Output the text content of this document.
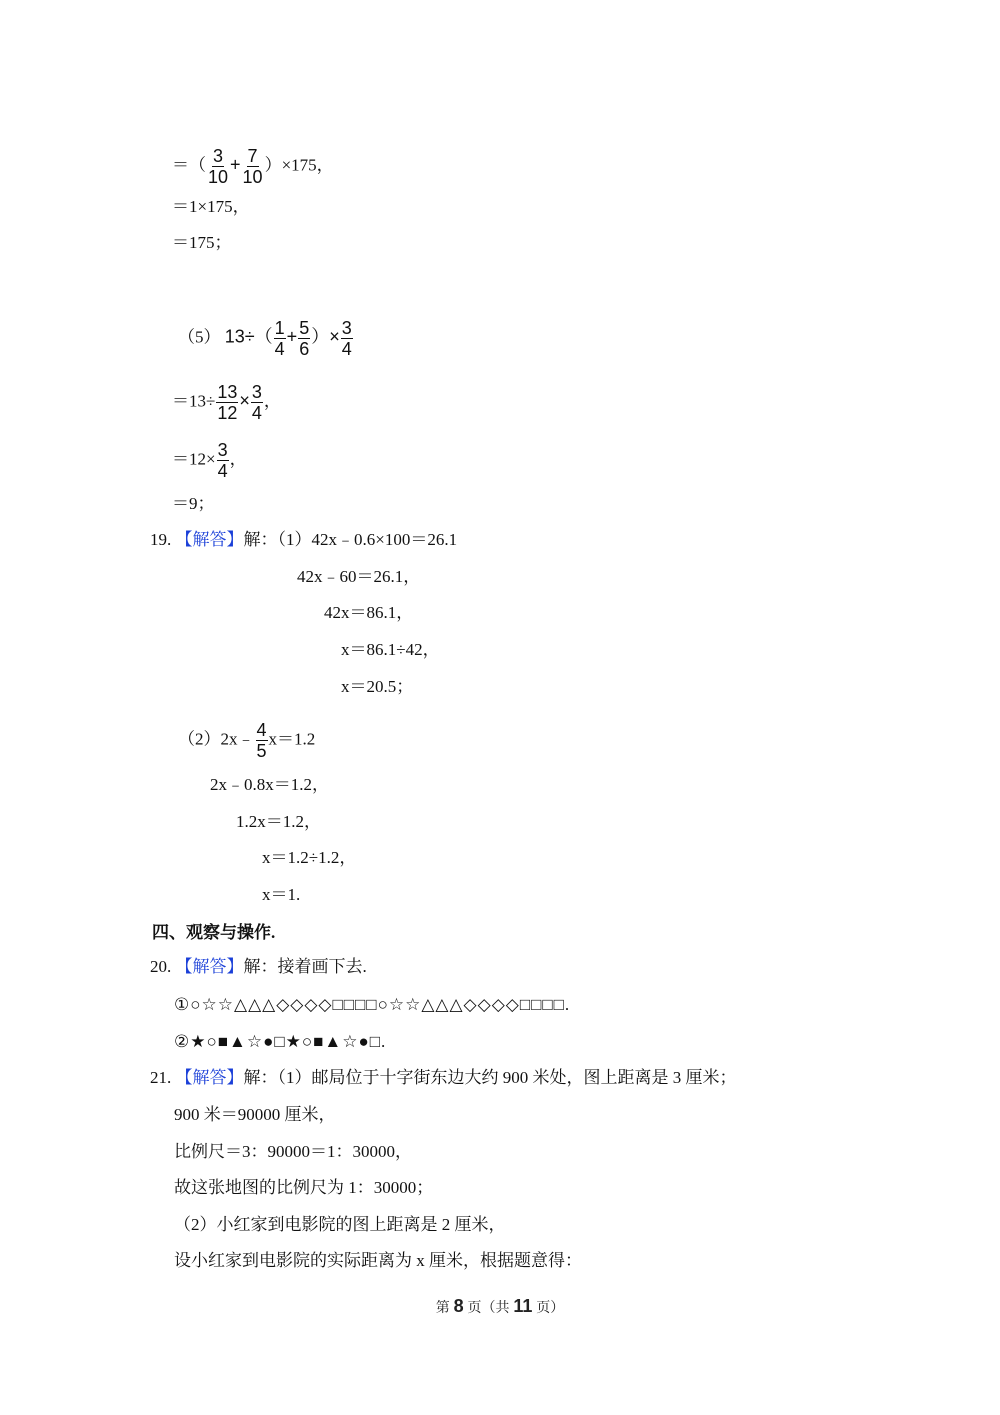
＝（ $\frac{3}{10} + \frac{7}{10} )\times 175$，
＝1×175，
＝175；
（5） $13\div( \frac{1}{4} + \frac{5}{6}$ ）× $\frac{3}{4}$
$=13\div \frac{13}{12} \times \frac{3}{4}$ ，
$=12\times \frac{3}{4}$ ，
＝9；
19. 【解答】解：（1）42x﹣0.6×100＝26.1
42x﹣60＝26.1，
42x＝86.1，
x＝86.1÷42，
x＝20.5；
（2）2x﹣ $\frac{4}{5} x=1.2$
2x﹣0.8x＝1.2，
1.2x＝1.2，
x＝1.2÷1.2，
x＝1.
四、观察与操作.
20. 【解答】解：接着画下去.
①○☆☆△△△◇◇◇◇□□□□○☆☆△△△◇◇◇◇□□□□.
②★○■▲☆●□★○■▲☆●□.
21. 【解答】解：（1）邮局位于十字街东边大约 900 米处，图上距离是 3 厘米；
900 米＝90000 厘米，
比例尺＝3：90000＝1：30000，
故这张地图的比例尺为 1：30000；
（2）小红家到电影院的图上距离是 2 厘米，
设小红家到电影院的实际距离为 x 厘米，根据题意得：
第 8 页（共 11 页）
